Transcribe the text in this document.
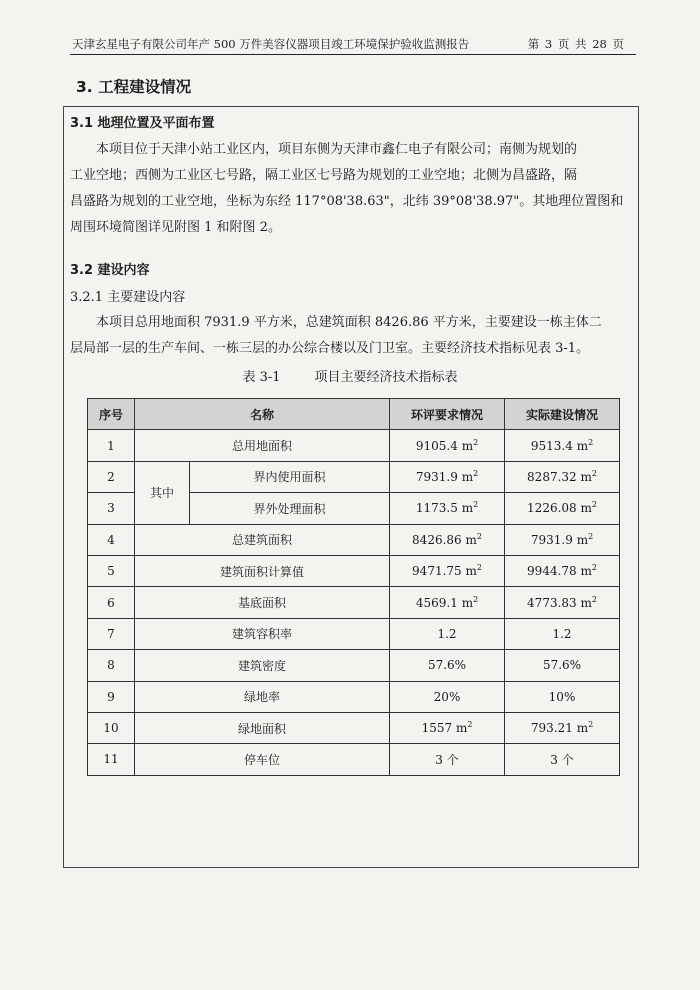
天津玄星电子有限公司年产 500 万件美容仪器项目竣工环境保护验收监测报告	第 3 页 共 28 页
3. 工程建设情况
3.1 地理位置及平面布置
本项目位于天津小站工业区内，项目东侧为天津市鑫仁电子有限公司；南侧为规划的
工业空地；西侧为工业区七号路，隔工业区七号路为规划的工业空地；北侧为昌盛路，隔
昌盛路为规划的工业空地，坐标为东经 117°08'38.63"，北纬 39°08'38.97"。其地理位置图和
周围环境简图详见附图 1 和附图 2。
3.2 建设内容
3.2.1 主要建设内容
本项目总用地面积 7931.9 平方米，总建筑面积 8426.86 平方米，主要建设一栋主体二
层局部一层的生产车间、一栋三层的办公综合楼以及门卫室。主要经济技术指标见表 3-1。
表 3-1	项目主要经济技术指标表
序号	名称		环评要求情况	实际建设情况
1	总用地面积		9105.4 $m^2$	9513.4 $m^2$
2	其中	界内使用面积	7931.9 $m^2$	8287.32 $m^2$
3		界外处理面积	1173.5 $m^2$	1226.08 $m^2$
4	总建筑面积		8426.86 $m^2$	7931.9 $m^2$
5	建筑面积计算值		9471.75 $m^2$	9944.78 $m^2$
6	基底面积		4569.1 $m^2$	4773.83 $m^2$
7	建筑容积率		1.2	1.2
8	建筑密度		57.6%	57.6%
9	绿地率		20%	10%
10	绿地面积		1557 $m^2$	793.21 $m^2$
11	停车位		3 个	3 个
